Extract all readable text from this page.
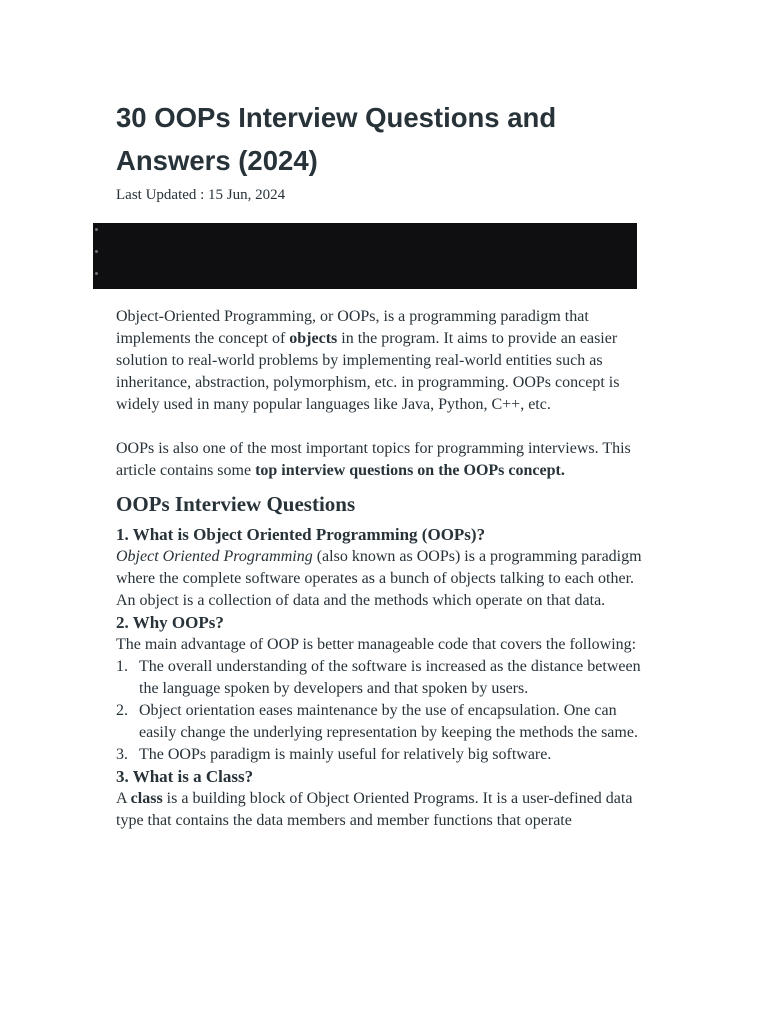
30 OOPs Interview Questions and Answers (2024)
Last Updated : 15 Jun, 2024

Object-Oriented Programming, or OOPs, is a programming paradigm that implements the concept of objects in the program. It aims to provide an easier solution to real-world problems by implementing real-world entities such as inheritance, abstraction, polymorphism, etc. in programming. OOPs concept is widely used in many popular languages like Java, Python, C++, etc.

OOPs is also one of the most important topics for programming interviews. This article contains some top interview questions on the OOPs concept.

OOPs Interview Questions
1. What is Object Oriented Programming (OOPs)?

Object Oriented Programming (also known as OOPs) is a programming paradigm where the complete software operates as a bunch of objects talking to each other. An object is a collection of data and the methods which operate on that data.

2. Why OOPs?

The main advantage of OOP is better manageable code that covers the following:

1. The overall understanding of the software is increased as the distance between the language spoken by developers and that spoken by users.
2. Object orientation eases maintenance by the use of encapsulation. One can easily change the underlying representation by keeping the methods the same.
3. The OOPs paradigm is mainly useful for relatively big software.
3. What is a Class?

A class is a building block of Object Oriented Programs. It is a user-defined data type that contains the data members and member functions that operate
